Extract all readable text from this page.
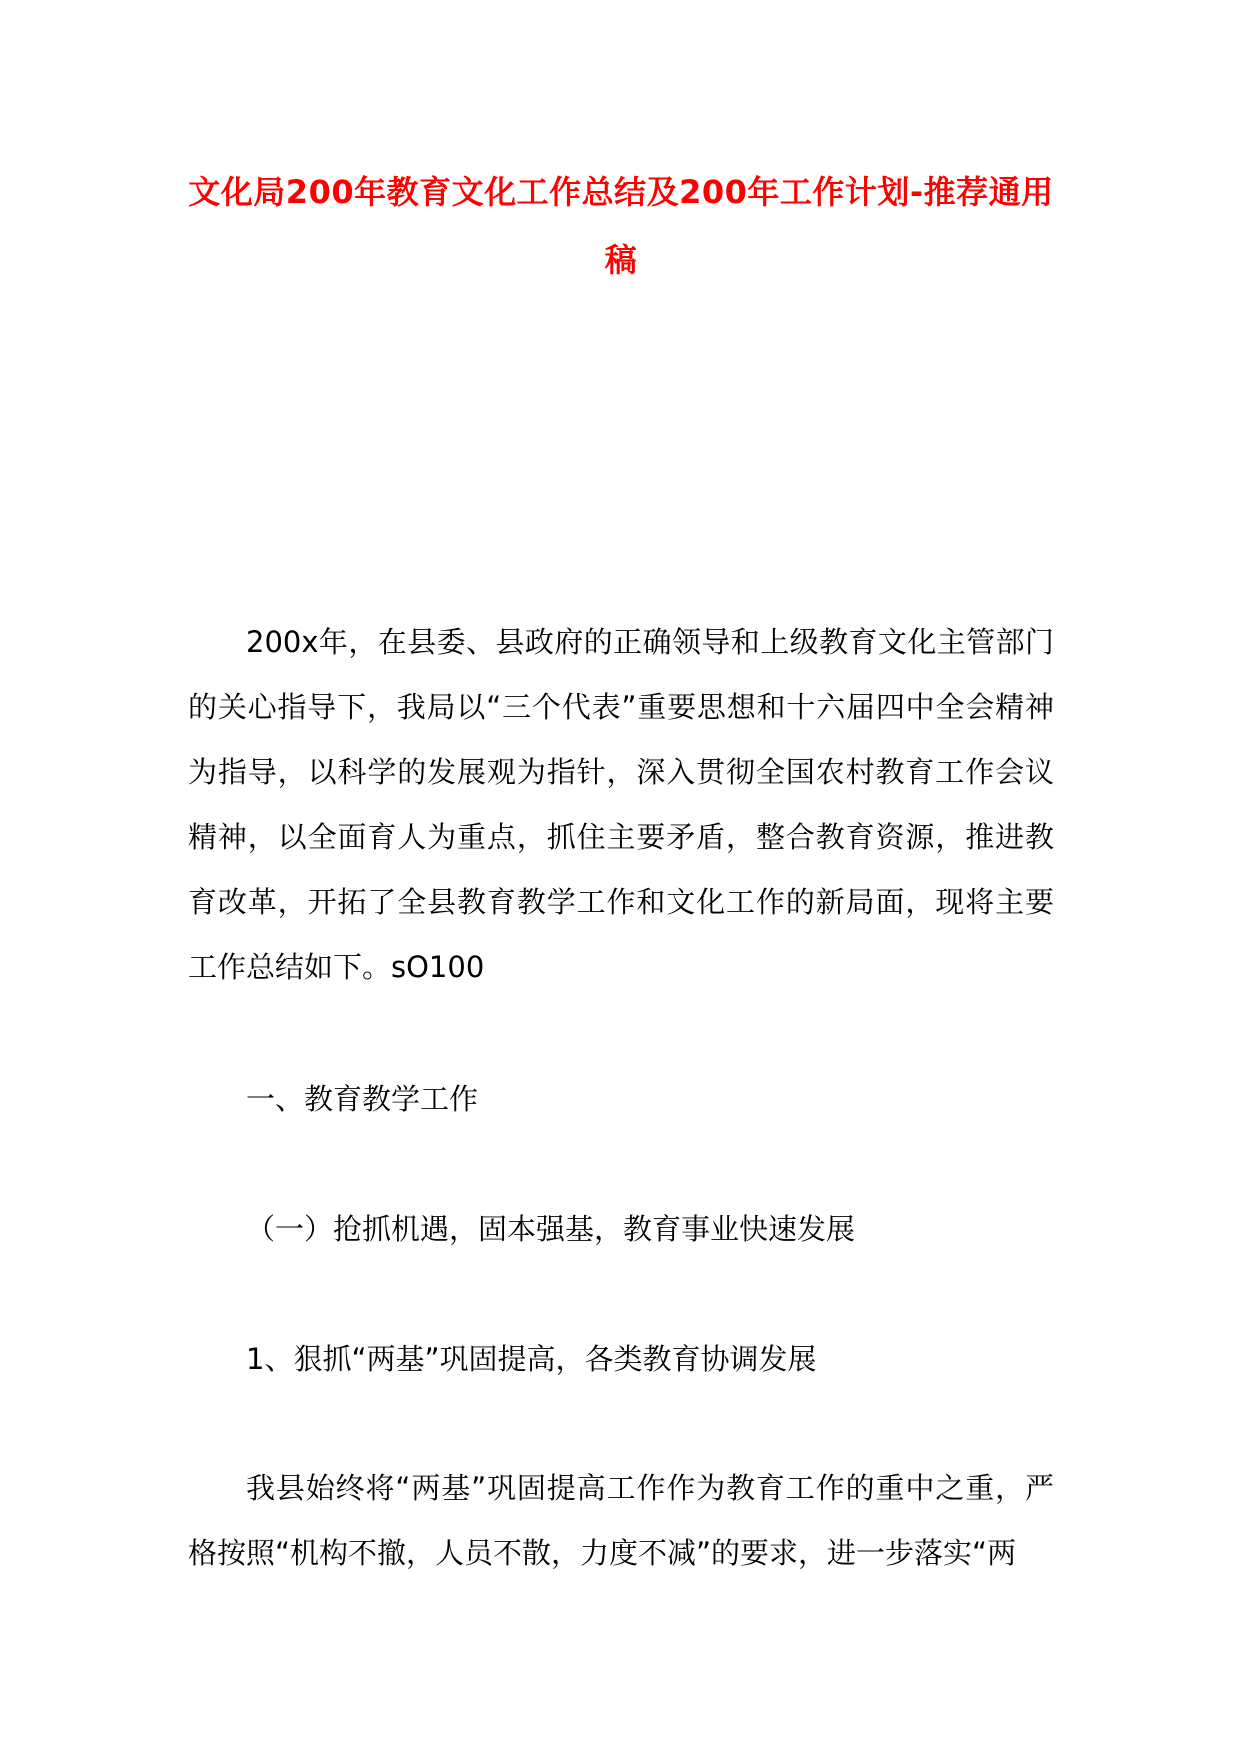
文化局200年教育文化工作总结及200年工作计划-推荐通用稿

200x年，在县委、县政府的正确领导和上级教育文化主管部门的关心指导下，我局以“三个代表”重要思想和十六届四中全会精神为指导，以科学的发展观为指针，深入贯彻全国农村教育工作会议精神，以全面育人为重点，抓住主要矛盾，整合教育资源，推进教育改革，开拓了全县教育教学工作和文化工作的新局面，现将主要工作总结如下。sO100

一、教育教学工作

（一）抢抓机遇，固本强基，教育事业快速发展

1、狠抓“两基”巩固提高，各类教育协调发展

我县始终将“两基”巩固提高工作作为教育工作的重中之重，严格按照“机构不撤，人员不散，力度不减”的要求，进一步落实“两
